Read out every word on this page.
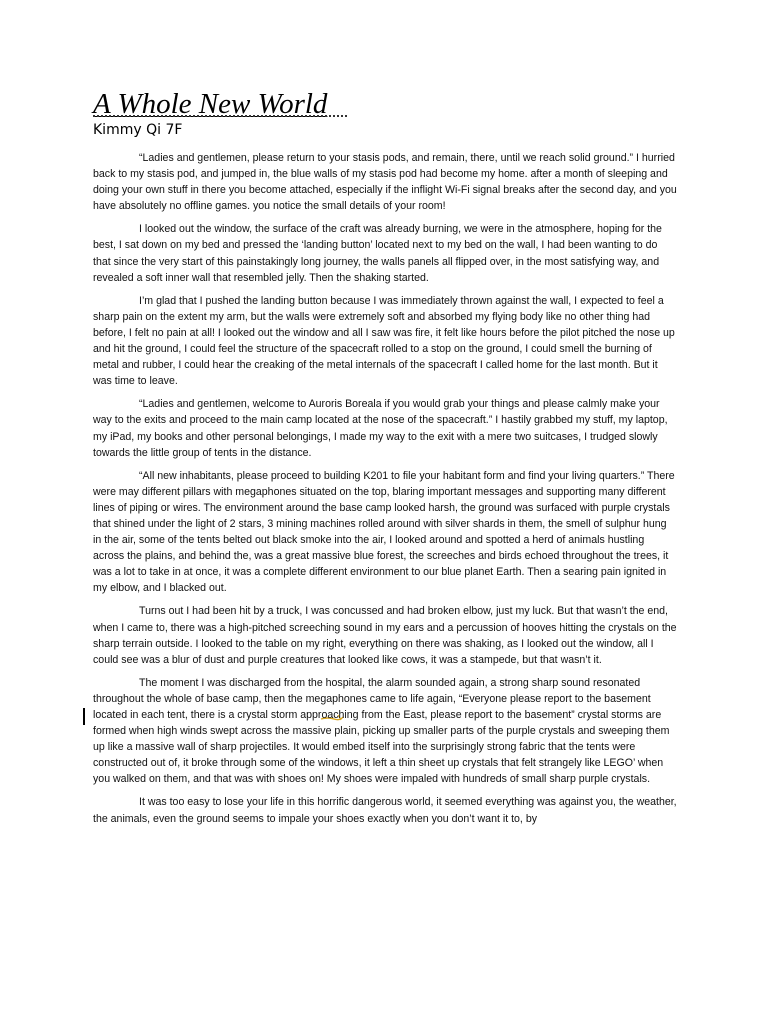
A Whole New World
Kimmy Qi 7F

“Ladies and gentlemen, please return to your stasis pods, and remain, there, until we reach solid ground.” I hurried back to my stasis pod, and jumped in, the blue walls of my stasis pod had become my home. after a month of sleeping and doing your own stuff in there you become attached, especially if the inflight Wi-Fi signal breaks after the second day, and you have absolutely no offline games. you notice the small details of your room!

I looked out the window, the surface of the craft was already burning, we were in the atmosphere, hoping for the best, I sat down on my bed and pressed the ‘landing button’ located next to my bed on the wall, I had been wanting to do that since the very start of this painstakingly long journey, the walls panels all flipped over, in the most satisfying way, and revealed a soft inner wall that resembled jelly. Then the shaking started.

I’m glad that I pushed the landing button because I was immediately thrown against the wall, I expected to feel a sharp pain on the extent my arm, but the walls were extremely soft and absorbed my flying body like no other thing had before, I felt no pain at all! I looked out the window and all I saw was fire, it felt like hours before the pilot pitched the nose up and hit the ground, I could feel the structure of the spacecraft rolled to a stop on the ground, I could smell the burning of metal and rubber, I could hear the creaking of the metal internals of the spacecraft I called home for the last month. But it was time to leave.

“Ladies and gentlemen, welcome to Auroris Boreala if you would grab your things and please calmly make your way to the exits and proceed to the main camp located at the nose of the spacecraft.” I hastily grabbed my stuff, my laptop, my iPad, my books and other personal belongings, I made my way to the exit with a mere two suitcases, I trudged slowly towards the little group of tents in the distance.

“All new inhabitants, please proceed to building K201 to file your habitant form and find your living quarters.” There were may different pillars with megaphones situated on the top, blaring important messages and supporting many different lines of piping or wires. The environment around the base camp looked harsh, the ground was surfaced with purple crystals that shined under the light of 2 stars, 3 mining machines rolled around with silver shards in them, the smell of sulphur hung in the air, some of the tents belted out black smoke into the air, I looked around and spotted a herd of animals hustling across the plains, and behind the, was a great massive blue forest, the screeches and birds echoed throughout the trees, it was a lot to take in at once, it was a complete different environment to our blue planet Earth. Then a searing pain ignited in my elbow, and I blacked out.

Turns out I had been hit by a truck, I was concussed and had broken elbow, just my luck. But that wasn’t the end, when I came to, there was a high-pitched screeching sound in my ears and a percussion of hooves hitting the crystals on the sharp terrain outside. I looked to the table on my right, everything on there was shaking, as I looked out the window, all I could see was a blur of dust and purple creatures that looked like cows, it was a stampede, but that wasn’t it.

The moment I was discharged from the hospital, the alarm sounded again, a strong sharp sound resonated throughout the whole of base camp, then the megaphones came to life again, “Everyone please report to the basement located in each tent, there is a crystal storm approaching from the East, please report to the basement” crystal storms are formed when high winds swept across the massive plain, picking up smaller parts of the purple crystals and sweeping them up like a massive wall of sharp projectiles. It would embed itself into the surprisingly strong fabric that the tents were constructed out of, it broke through some of the windows, it left a thin sheet up crystals that felt strangely like LEGO’ when you walked on them, and that was with shoes on! My shoes were impaled with hundreds of small sharp purple crystals.

It was too easy to lose your life in this horrific dangerous world, it seemed everything was against you, the weather, the animals, even the ground seems to impale your shoes exactly when you don’t want it to, by
